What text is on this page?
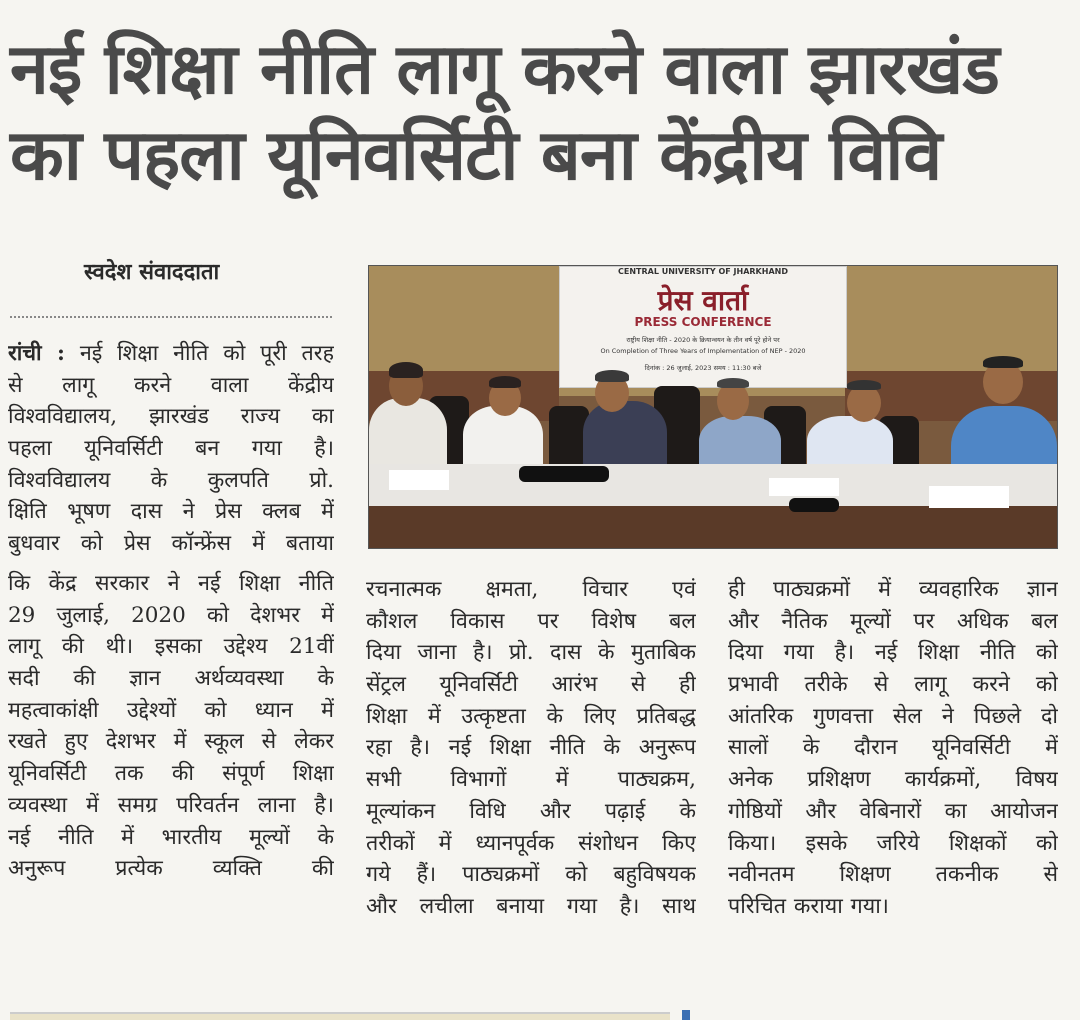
नई शिक्षा नीति लागू करने वाला झारखंड
का पहला यूनिवर्सिटी बना केंद्रीय विवि
स्वदेश संवाददाता
रांची : नई शिक्षा नीति को पूरी तरह
से लागू करने वाला केंद्रीय
विश्वविद्यालय, झारखंड राज्य का
पहला यूनिवर्सिटी बन गया है।
विश्वविद्यालय के कुलपति प्रो.
क्षिति भूषण दास ने प्रेस क्लब में
बुधवार को प्रेस कॉन्फ्रेंस में बताया
कि केंद्र सरकार ने नई शिक्षा नीति
29 जुलाई, 2020 को देशभर में
लागू की थी। इसका उद्देश्य 21वीं
सदी की ज्ञान अर्थव्यवस्था के
महत्वाकांक्षी उद्देश्यों को ध्यान में
रखते हुए देशभर में स्कूल से लेकर
यूनिवर्सिटी तक की संपूर्ण शिक्षा
व्यवस्था में समग्र परिवर्तन लाना है।
नई नीति में भारतीय मूल्यों के
अनुरूप प्रत्येक व्यक्ति की
रचनात्मक क्षमता, विचार एवं
कौशल विकास पर विशेष बल
दिया जाना है। प्रो. दास के मुताबिक
सेंट्रल यूनिवर्सिटी आरंभ से ही
शिक्षा में उत्कृष्टता के लिए प्रतिबद्ध
रहा है। नई शिक्षा नीति के अनुरूप
सभी विभागों में पाठ्यक्रम,
मूल्यांकन विधि और पढ़ाई के
तरीकों में ध्यानपूर्वक संशोधन किए
गये हैं। पाठ्यक्रमों को बहुविषयक
और लचीला बनाया गया है। साथ
ही पाठ्यक्रमों में व्यवहारिक ज्ञान
और नैतिक मूल्यों पर अधिक बल
दिया गया है। नई शिक्षा नीति को
प्रभावी तरीके से लागू करने को
आंतरिक गुणवत्ता सेल ने पिछले दो
सालों के दौरान यूनिवर्सिटी में
अनेक प्रशिक्षण कार्यक्रमों, विषय
गोष्ठियों और वेबिनारों का आयोजन
किया। इसके जरिये शिक्षकों को
नवीनतम शिक्षण तकनीक से
परिचित कराया गया।
CENTRAL UNIVERSITY OF JHARKHAND
प्रेस वार्ता
PRESS CONFERENCE
राष्ट्रीय शिक्षा नीति - 2020 के क्रियान्वयन के तीन वर्ष पूरे होने पर
On Completion of Three Years of Implementation of NEP - 2020
दिनांक : 26 जुलाई, 2023 समय : 11:30 बजे
